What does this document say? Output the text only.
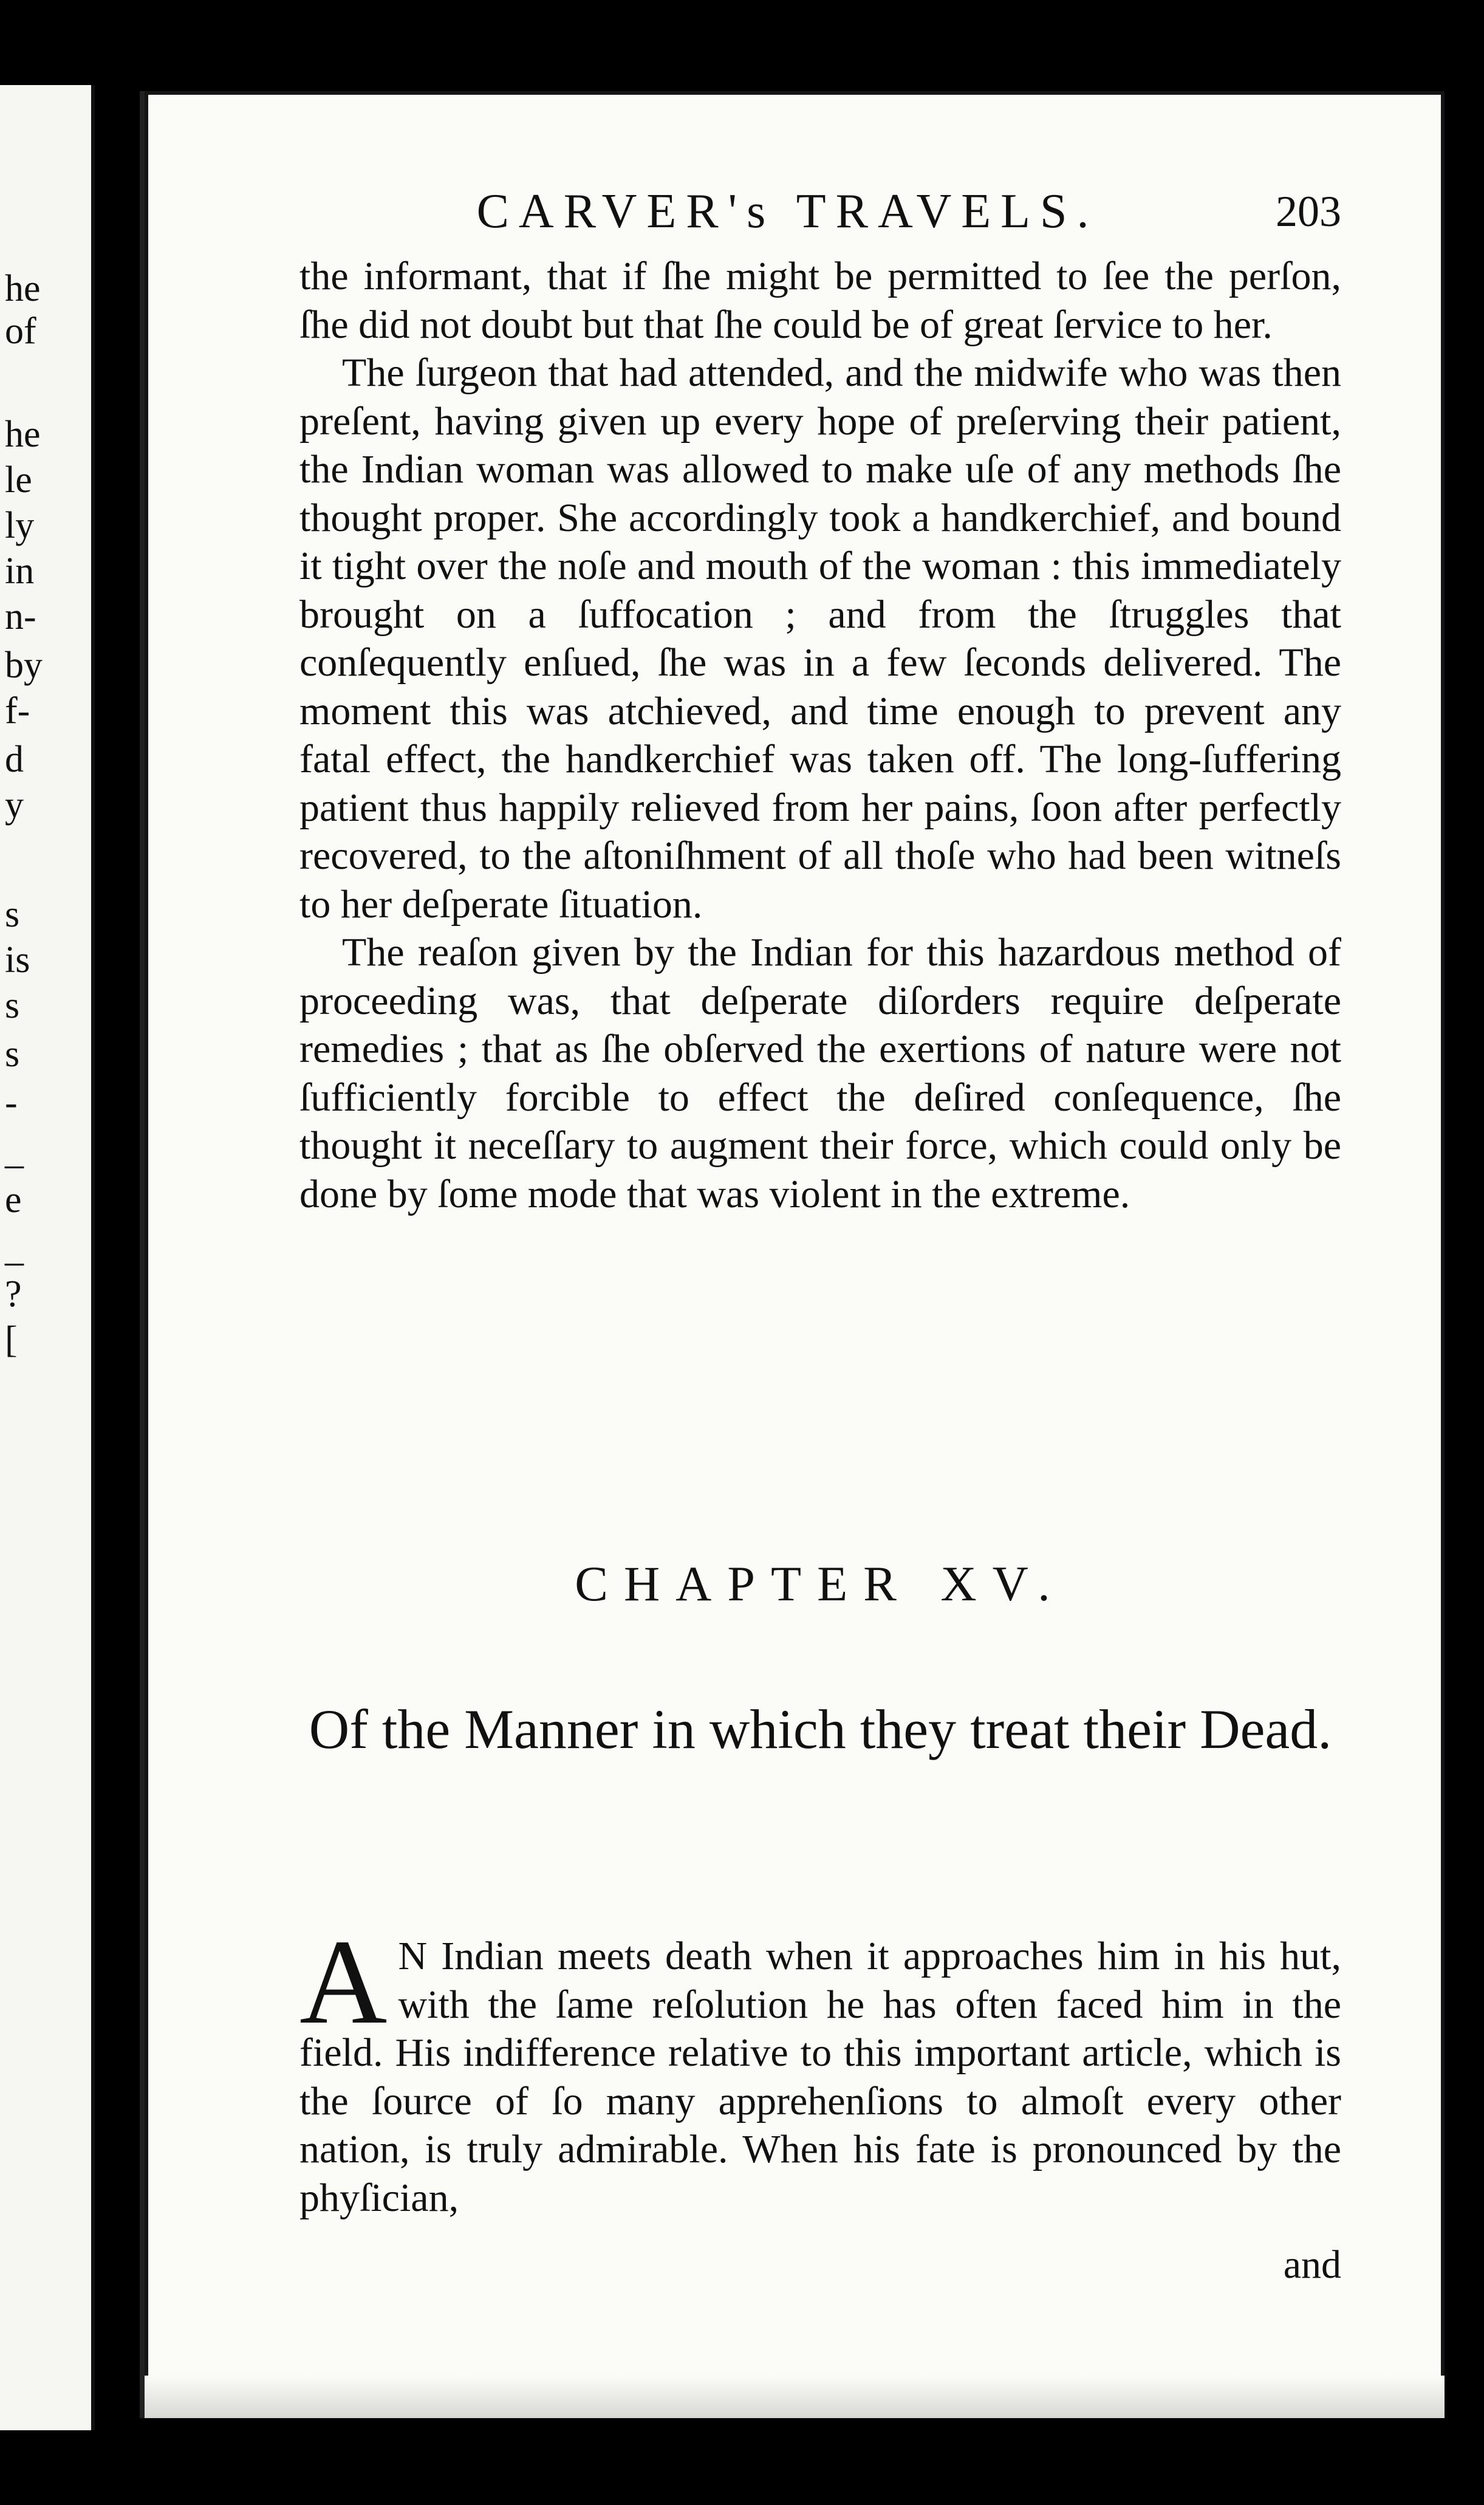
he
of
he
le
ly
in
n-
by
f-
d
y
s
is
s
s
-
_
e
_
?
[
CARVER's TRAVELS.	203

the informant, that if ſhe might be permitted to ſee the perſon, ſhe did not doubt but that ſhe could be of great ſervice to her.

The ſurgeon that had attended, and the midwife who was then preſent, having given up every hope of preſerving their patient, the Indian woman was allowed to make uſe of any methods ſhe thought proper. She accordingly took a handkerchief, and bound it tight over the noſe and mouth of the woman : this immediately brought on a ſuffocation ; and from the ſtruggles that conſequently enſued, ſhe was in a few ſeconds delivered. The moment this was atchieved, and time enough to prevent any fatal effect, the handkerchief was taken off. The long-ſuffering patient thus happily relieved from her pains, ſoon after perfectly recovered, to the aſtoniſhment of all thoſe who had been witneſs to her deſperate ſituation.

The reaſon given by the Indian for this hazardous method of proceeding was, that deſperate diſorders require deſperate remedies ; that as ſhe obſerved the exertions of nature were not ſufficiently forcible to effect the deſired conſequence, ſhe thought it neceſſary to augment their force, which could only be done by ſome mode that was violent in the extreme.

CHAPTER XV.
Of the Manner in which they treat their Dead.
A N Indian meets death when it approaches him in his hut, with the ſame reſolution he has often faced him in the field. His indifference relative to this important article, which is the ſource of ſo many apprehenſions to almoſt every other nation, is truly admirable. When his fate is pronounced by the phyſician,
and
